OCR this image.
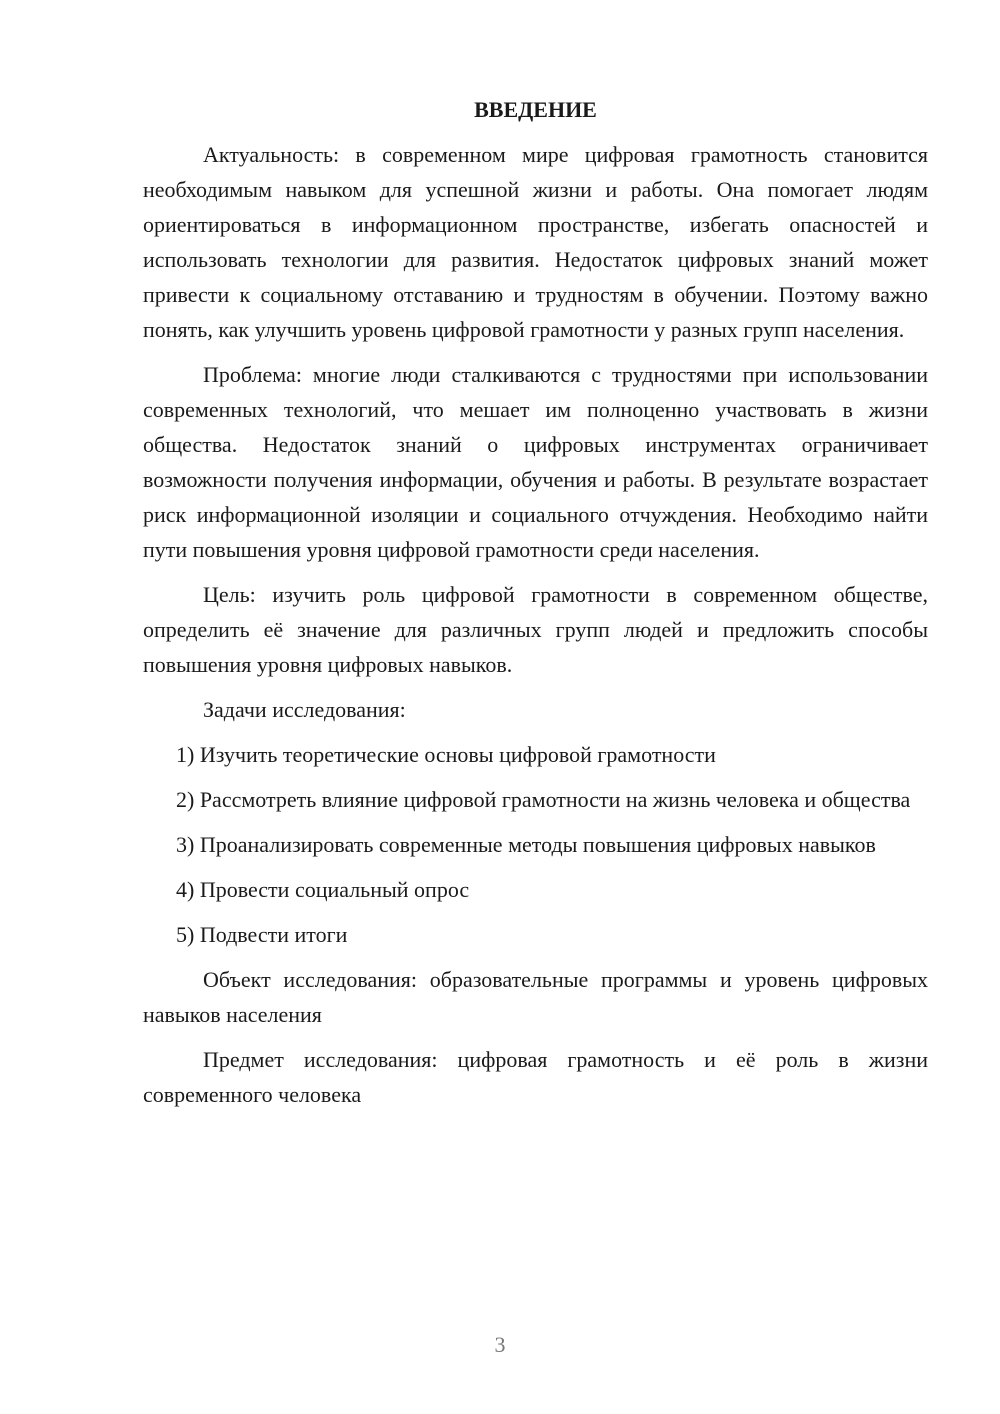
ВВЕДЕНИЕ

Актуальность: в современном мире цифровая грамотность становится необходимым навыком для успешной жизни и работы. Она помогает людям ориентироваться в информационном пространстве, избегать опасностей и использовать технологии для развития. Недостаток цифровых знаний может привести к социальному отставанию и трудностям в обучении. Поэтому важно понять, как улучшить уровень цифровой грамотности у разных групп населения.

Проблема: многие люди сталкиваются с трудностями при использовании современных технологий, что мешает им полноценно участвовать в жизни общества. Недостаток знаний о цифровых инструментах ограничивает возможности получения информации, обучения и работы. В результате возрастает риск информационной изоляции и социального отчуждения. Необходимо найти пути повышения уровня цифровой грамотности среди населения.

Цель: изучить роль цифровой грамотности в современном обществе, определить её значение для различных групп людей и предложить способы повышения уровня цифровых навыков.

Задачи исследования:

1) Изучить теоретические основы цифровой грамотности

2) Рассмотреть влияние цифровой грамотности на жизнь человека и общества

3) Проанализировать современные методы повышения цифровых навыков

4) Провести социальный опрос

5) Подвести итоги

Объект исследования: образовательные программы и уровень цифровых навыков населения

Предмет исследования: цифровая грамотность и её роль в жизни современного человека

3
